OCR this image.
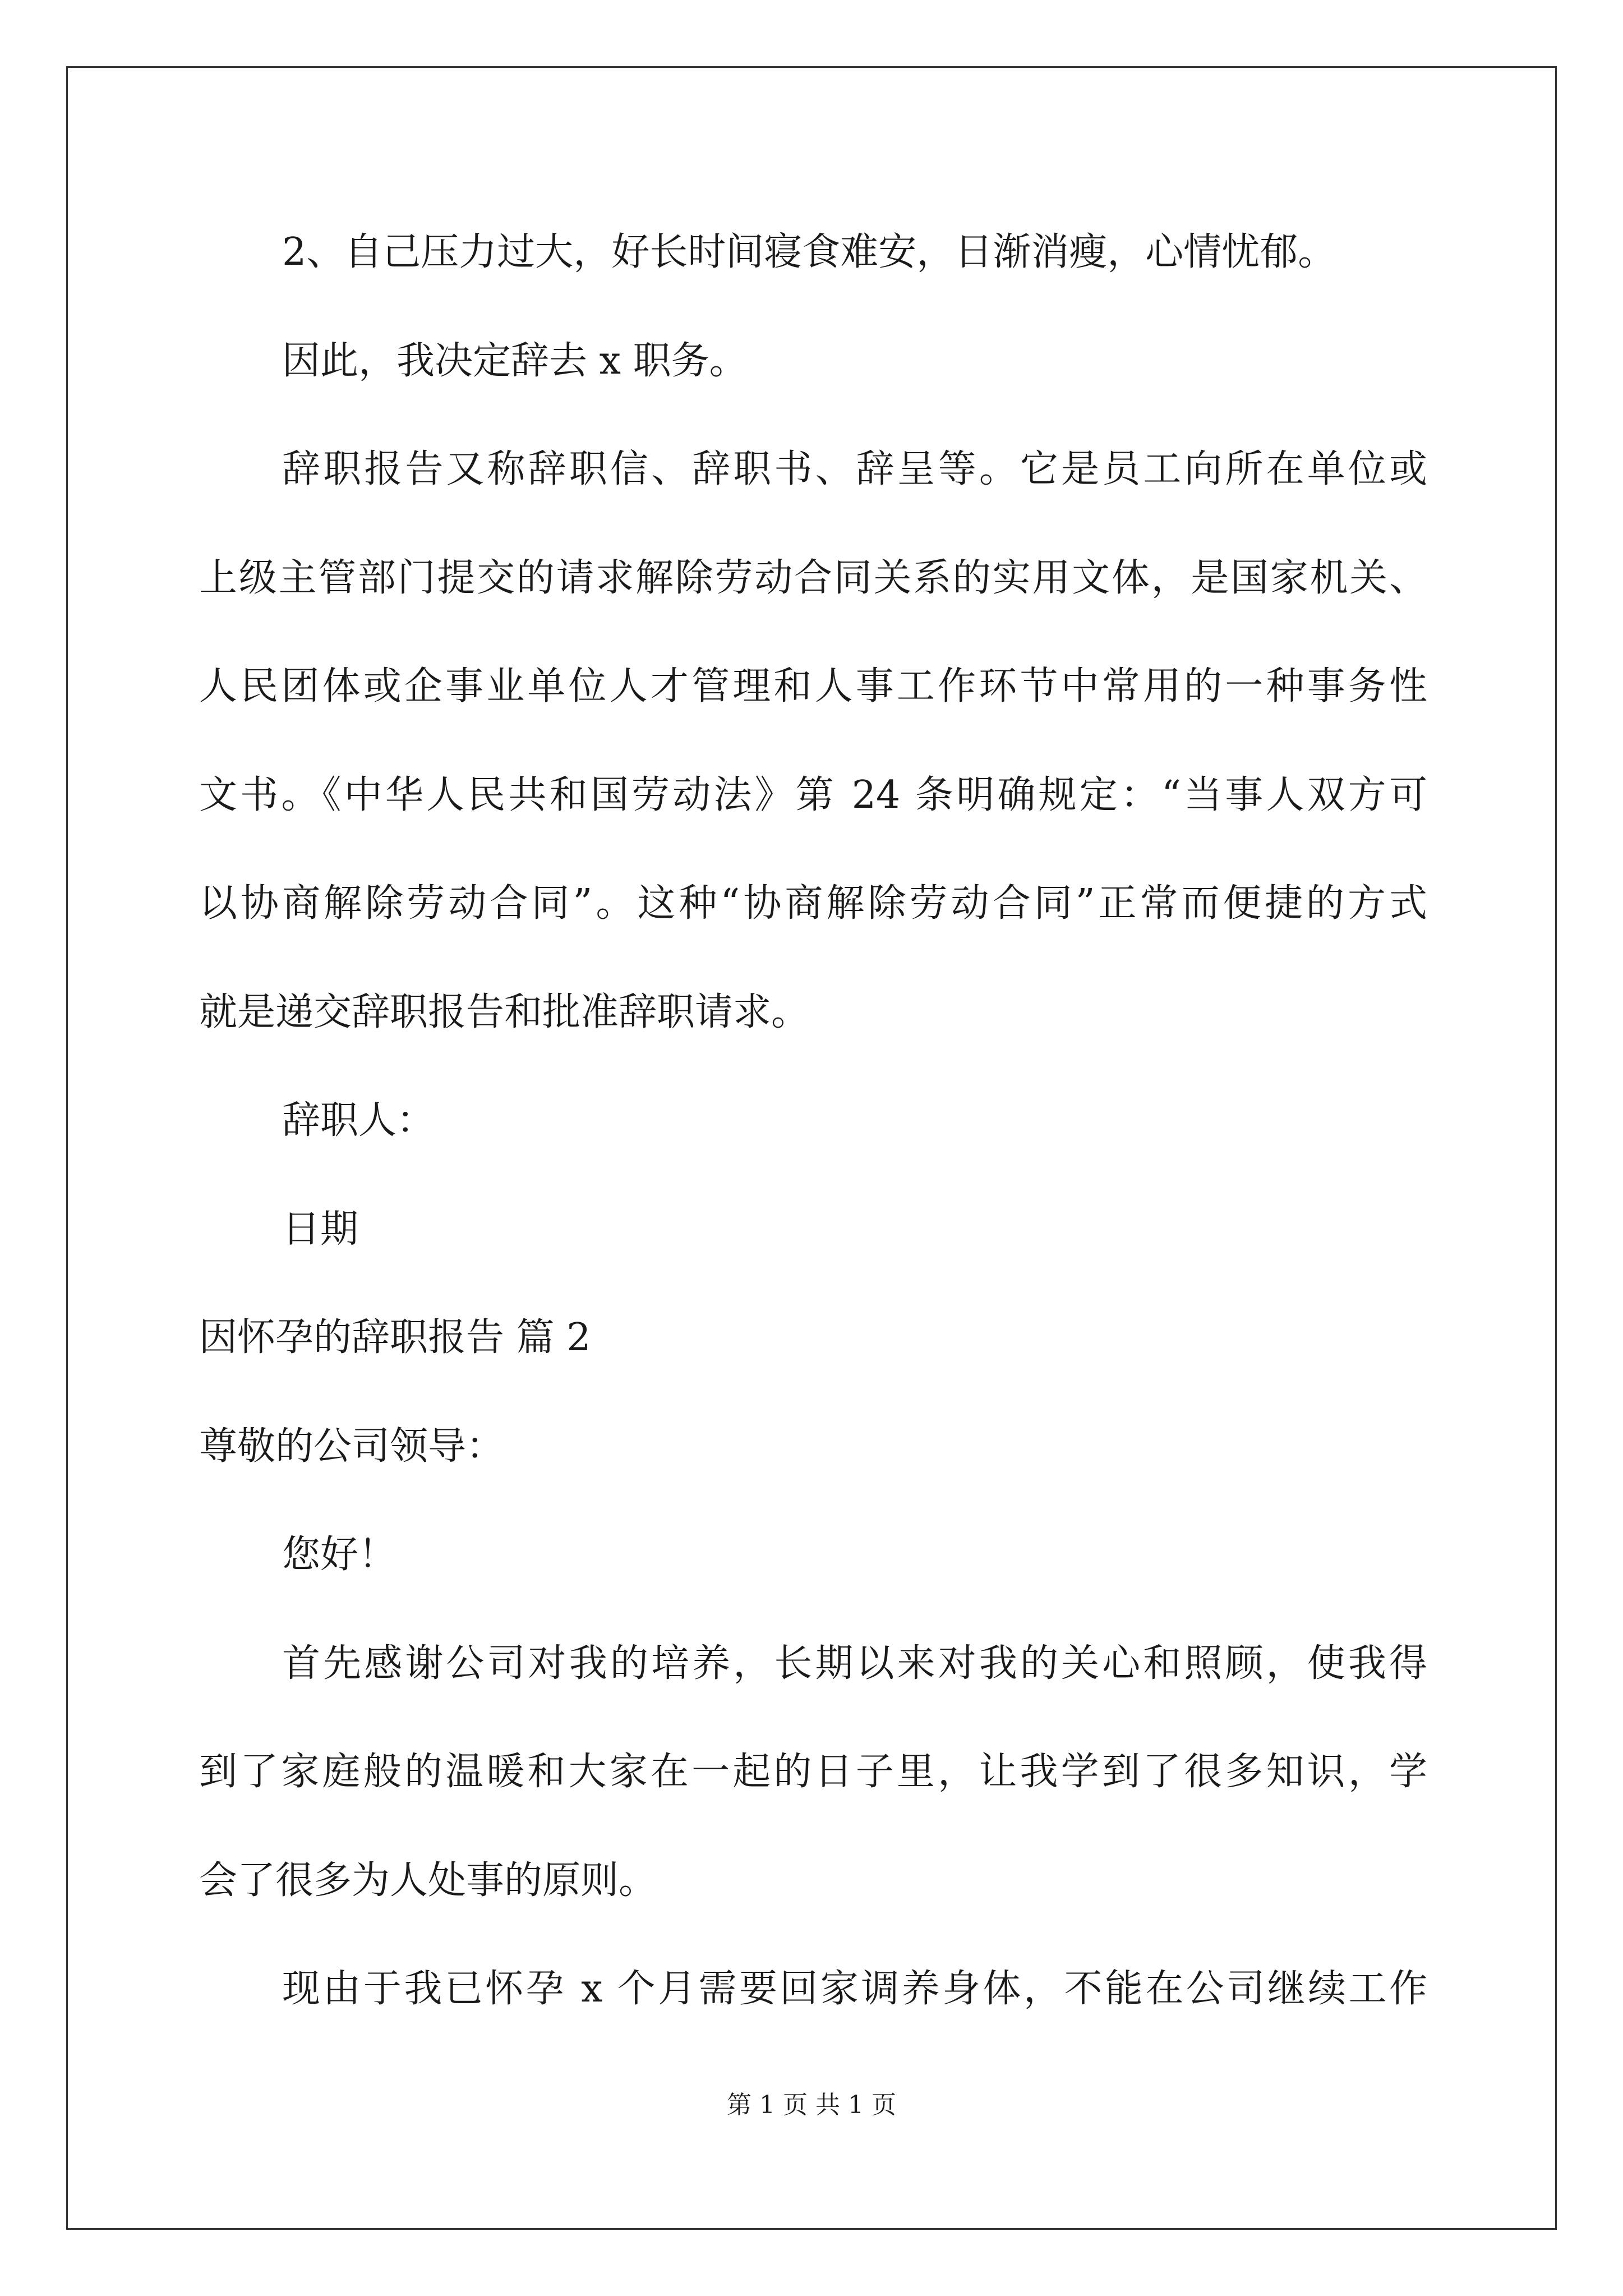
2、自己压力过大，好长时间寝食难安，日渐消瘦，心情忧郁。
因此，我决定辞去 x 职务。
辞职报告又称辞职信、辞职书、辞呈等。它是员工向所在单位或
上级主管部门提交的请求解除劳动合同关系的实用文体，是国家机关、
人民团体或企事业单位人才管理和人事工作环节中常用的一种事务性
文书。《中华人民共和国劳动法》第 24 条明确规定：“当事人双方可
以协商解除劳动合同”。这种“协商解除劳动合同”正常而便捷的方式
就是递交辞职报告和批准辞职请求。
辞职人：
日期
因怀孕的辞职报告 篇 2
尊敬的公司领导：
您好！
首先感谢公司对我的培养，长期以来对我的关心和照顾，使我得
到了家庭般的温暖和大家在一起的日子里，让我学到了很多知识，学
会了很多为人处事的原则。
现由于我已怀孕 x 个月需要回家调养身体，不能在公司继续工作
第 1 页 共 1 页
